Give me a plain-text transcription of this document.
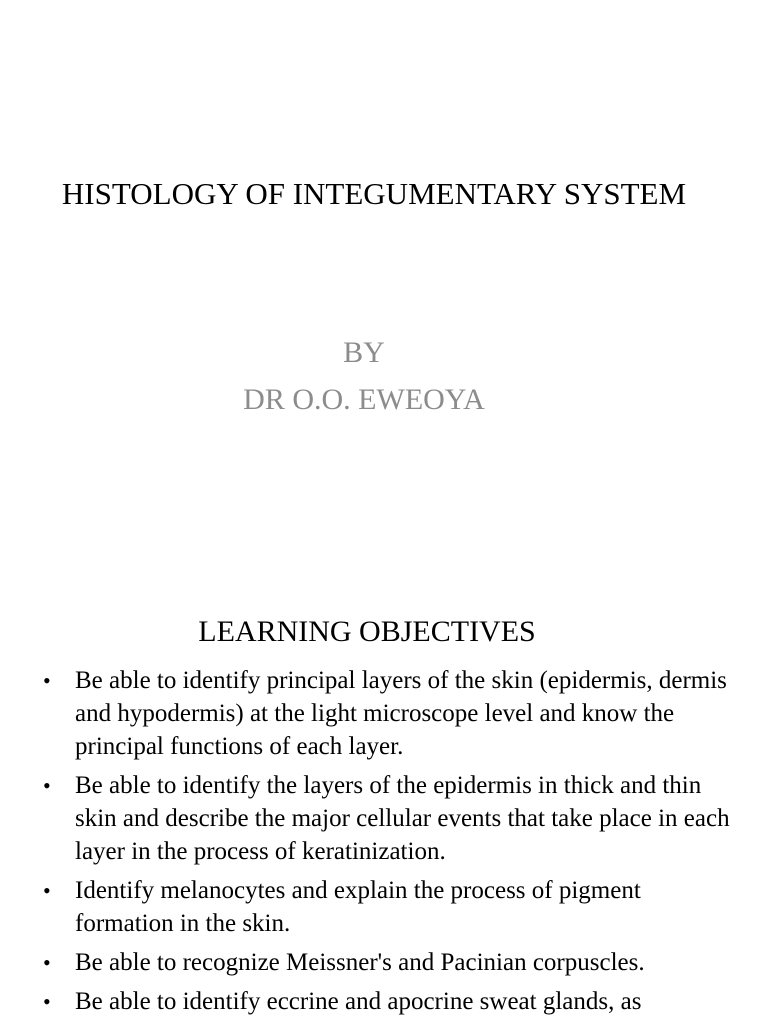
HISTOLOGY OF INTEGUMENTARY SYSTEM

BY

DR O.O. EWEOYA

LEARNING OBJECTIVES
• Be able to identify principal layers of the skin (epidermis, dermis and hypodermis) at the light microscope level and know the principal functions of each layer.
• Be able to identify the layers of the epidermis in thick and thin skin and describe the major cellular events that take place in each layer in the process of keratinization.
• Identify melanocytes and explain the process of pigment formation in the skin.
• Be able to recognize Meissner's and Pacinian corpuscles.
• Be able to identify eccrine and apocrine sweat glands, as
